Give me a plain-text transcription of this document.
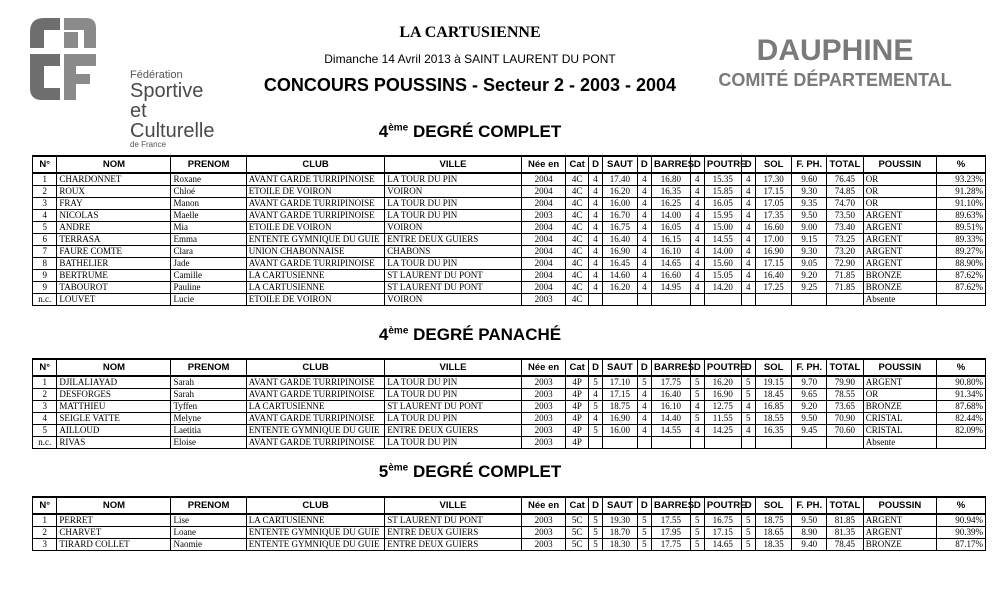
Fédération
Sportive
et Culturelle
de France
LA CARTUSIENNE
Dimanche 14 Avril 2013 à SAINT LAURENT DU PONT
CONCOURS POUSSINS - Secteur 2 - 2003 - 2004
DAUPHINE
COMITÉ DÉPARTEMENTAL
4ème DEGRÉ COMPLET
N°	NOM	PRENOM	CLUB	VILLE	Née en	Cat	D	SAUT	D	BARRES	D	POUTRE	D	SOL	F. PH.	TOTAL	POUSSIN	%
1	CHARDONNET	Roxane	AVANT GARDE TURRIPINOISE	LA TOUR DU PIN	2004	4C	4	17.40	4	16.80	4	15.35	4	17.30	9.60	76.45	OR	93.23%
2	ROUX	Chloé	ETOILE DE VOIRON	VOIRON	2004	4C	4	16.20	4	16.35	4	15.85	4	17.15	9.30	74.85	OR	91.28%
3	FRAY	Manon	AVANT GARDE TURRIPINOISE	LA TOUR DU PIN	2004	4C	4	16.00	4	16.25	4	16.05	4	17.05	9.35	74.70	OR	91.10%
4	NICOLAS	Maelle	AVANT GARDE TURRIPINOISE	LA TOUR DU PIN	2003	4C	4	16.70	4	14.00	4	15.95	4	17.35	9.50	73.50	ARGENT	89.63%
5	ANDRE	Mia	ETOILE DE VOIRON	VOIRON	2004	4C	4	16.75	4	16.05	4	15.00	4	16.60	9.00	73.40	ARGENT	89.51%
6	TERRASA	Emma	ENTENTE GYMNIQUE DU GUIE	ENTRE DEUX GUIERS	2004	4C	4	16.40	4	16.15	4	14.55	4	17.00	9.15	73.25	ARGENT	89.33%
7	FAURE COMTE	Clara	UNION CHABONNAISE	CHABONS	2004	4C	4	16.90	4	16.10	4	14.00	4	16.90	9.30	73.20	ARGENT	89.27%
8	BATHELIER	Jade	AVANT GARDE TURRIPINOISE	LA TOUR DU PIN	2004	4C	4	16.45	4	14.65	4	15.60	4	17.15	9.05	72.90	ARGENT	88.90%
9	BERTRUME	Camille	LA CARTUSIENNE	ST LAURENT DU PONT	2004	4C	4	14.60	4	16.60	4	15.05	4	16.40	9.20	71.85	BRONZE	87.62%
9	TABOUROT	Pauline	LA CARTUSIENNE	ST LAURENT DU PONT	2004	4C	4	16.20	4	14.95	4	14.20	4	17.25	9.25	71.85	BRONZE	87.62%
n.c.	LOUVET	Lucie	ETOILE DE VOIRON	VOIRON	2003	4C											Absente	
4ème DEGRÉ PANACHÉ
N°	NOM	PRENOM	CLUB	VILLE	Née en	Cat	D	SAUT	D	BARRES	D	POUTRE	D	SOL	F. PH.	TOTAL	POUSSIN	%
1	DJILALIAYAD	Sarah	AVANT GARDE TURRIPINOISE	LA TOUR DU PIN	2003	4P	5	17.10	5	17.75	5	16.20	5	19.15	9.70	79.90	ARGENT	90.80%
2	DESFORGES	Sarah	AVANT GARDE TURRIPINOISE	LA TOUR DU PIN	2003	4P	4	17.15	4	16.40	5	16.90	5	18.45	9.65	78.55	OR	91.34%
3	MATTHIEU	Tyffen	LA CARTUSIENNE	ST LAURENT DU PONT	2003	4P	5	18.75	4	16.10	4	12.75	4	16.85	9.20	73.65	BRONZE	87.68%
4	SEIGLE VATTE	Melyne	AVANT GARDE TURRIPINOISE	LA TOUR DU PIN	2003	4P	4	16.90	4	14.40	5	11.55	5	18.55	9.50	70.90	CRISTAL	82.44%
5	AILLOUD	Laetitia	ENTENTE GYMNIQUE DU GUIE	ENTRE DEUX GUIERS	2003	4P	5	16.00	4	14.55	4	14.25	4	16.35	9.45	70.60	CRISTAL	82.09%
n.c.	RIVAS	Eloise	AVANT GARDE TURRIPINOISE	LA TOUR DU PIN	2003	4P											Absente	
5ème DEGRÉ COMPLET
N°	NOM	PRENOM	CLUB	VILLE	Née en	Cat	D	SAUT	D	BARRES	D	POUTRE	D	SOL	F. PH.	TOTAL	POUSSIN	%
1	PERRET	Lise	LA CARTUSIENNE	ST LAURENT DU PONT	2003	5C	5	19.30	5	17.55	5	16.75	5	18.75	9.50	81.85	ARGENT	90.94%
2	CHARVET	Loane	ENTENTE GYMNIQUE DU GUIE	ENTRE DEUX GUIERS	2003	5C	5	18.70	5	17.95	5	17.15	5	18.65	8.90	81.35	ARGENT	90.39%
3	TIRARD COLLET	Naomie	ENTENTE GYMNIQUE DU GUIE	ENTRE DEUX GUIERS	2003	5C	5	18.30	5	17.75	5	14.65	5	18.35	9.40	78.45	BRONZE	87.17%
